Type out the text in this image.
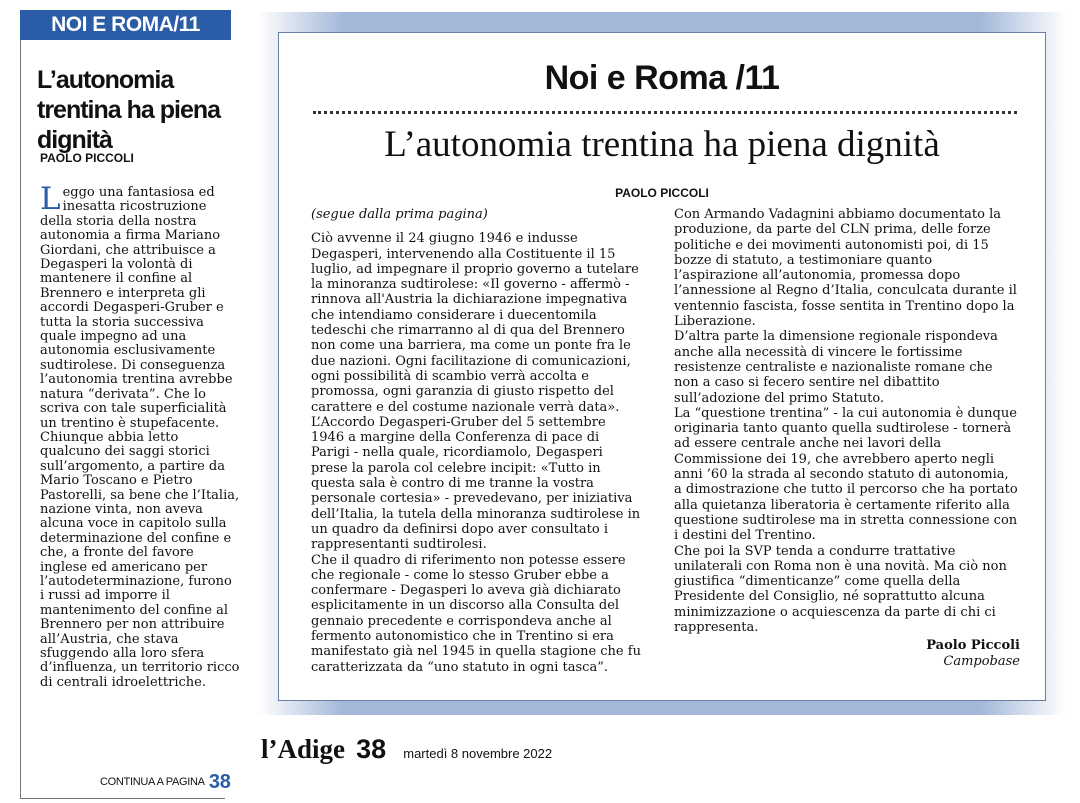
NOI E ROMA/11
L’autonomia trentina ha piena dignità
PAOLO PICCOLI
L eggo una fantasiosa ed inesatta ricostruzione della storia della nostra autonomia a firma Mariano Giordani, che attribuisce a Degasperi la volontà di mantenere il confine al Brennero e interpreta gli accordi Degasperi-Gruber e tutta la storia successiva quale impegno ad una autonomia esclusivamente sudtirolese. Di conseguenza l’autonomia trentina avrebbe natura “derivata”. Che lo scriva con tale superficialità un trentino è stupefacente. Chiunque abbia letto qualcuno dei saggi storici sull’argomento, a partire da Mario Toscano e Pietro Pastorelli, sa bene che l’Italia, nazione vinta, non aveva alcuna voce in capitolo sulla determinazione del confine e che, a fronte del favore inglese ed americano per l’autodeterminazione, furono i russi ad imporre il mantenimento del confine al Brennero per non attribuire all’Austria, che stava sfuggendo alla loro sfera d’influenza, un territorio ricco di centrali idroelettriche.

CONTINUA A PAGINA 38
Noi e Roma /11
L’autonomia trentina ha piena dignità
PAOLO PICCOLI

(segue dalla prima pagina)

Ciò avvenne il 24 giugno 1946 e indusse Degasperi, intervenendo alla Costituente il 15 luglio, ad impegnare il proprio governo a tutelare la minoranza sudtirolese: «Il governo - affermò - rinnova all'Austria la dichiarazione impegnativa che intendiamo considerare i duecentomila tedeschi che rimarranno al di qua del Brennero non come una barriera, ma come un ponte fra le due nazioni. Ogni facilitazione di comunicazioni, ogni possibilità di scambio verrà accolta e promossa, ogni garanzia di giusto rispetto del carattere e del costume nazionale verrà data».

L’Accordo Degasperi-Gruber del 5 settembre 1946 a margine della Conferenza di pace di Parigi - nella quale, ricordiamolo, Degasperi prese la parola col celebre incipit: «Tutto in questa sala è contro di me tranne la vostra personale cortesia» - prevedevano, per iniziativa dell’Italia, la tutela della minoranza sudtirolese in un quadro da definirsi dopo aver consultato i rappresentanti sudtirolesi.

Che il quadro di riferimento non potesse essere che regionale - come lo stesso Gruber ebbe a confermare - Degasperi lo aveva già dichiarato esplicitamente in un discorso alla Consulta del gennaio precedente e corrispondeva anche al fermento autonomistico che in Trentino si era manifestato già nel 1945 in quella stagione che fu caratterizzata da “uno statuto in ogni tasca”.

Con Armando Vadagnini abbiamo documentato la produzione, da parte del CLN prima, delle forze politiche e dei movimenti autonomisti poi, di 15 bozze di statuto, a testimoniare quanto l’aspirazione all’autonomia, promessa dopo l’annessione al Regno d’Italia, conculcata durante il ventennio fascista, fosse sentita in Trentino dopo la Liberazione.

D’altra parte la dimensione regionale rispondeva anche alla necessità di vincere le fortissime resistenze centraliste e nazionaliste romane che non a caso si fecero sentire nel dibattito sull’adozione del primo Statuto.

La “questione trentina” - la cui autonomia è dunque originaria tanto quanto quella sudtirolese - tornerà ad essere centrale anche nei lavori della Commissione dei 19, che avrebbero aperto negli anni ’60 la strada al secondo statuto di autonomia, a dimostrazione che tutto il percorso che ha portato alla quietanza liberatoria è certamente riferito alla questione sudtirolese ma in stretta connessione con i destini del Trentino.

Che poi la SVP tenda a condurre trattative unilaterali con Roma non è una novità. Ma ciò non giustifica “dimenticanze” come quella della Presidente del Consiglio, né soprattutto alcuna minimizzazione o acquiescenza da parte di chi ci rappresenta.

Paolo Piccoli

Campobase

l’Adige 38 martedì 8 novembre 2022
